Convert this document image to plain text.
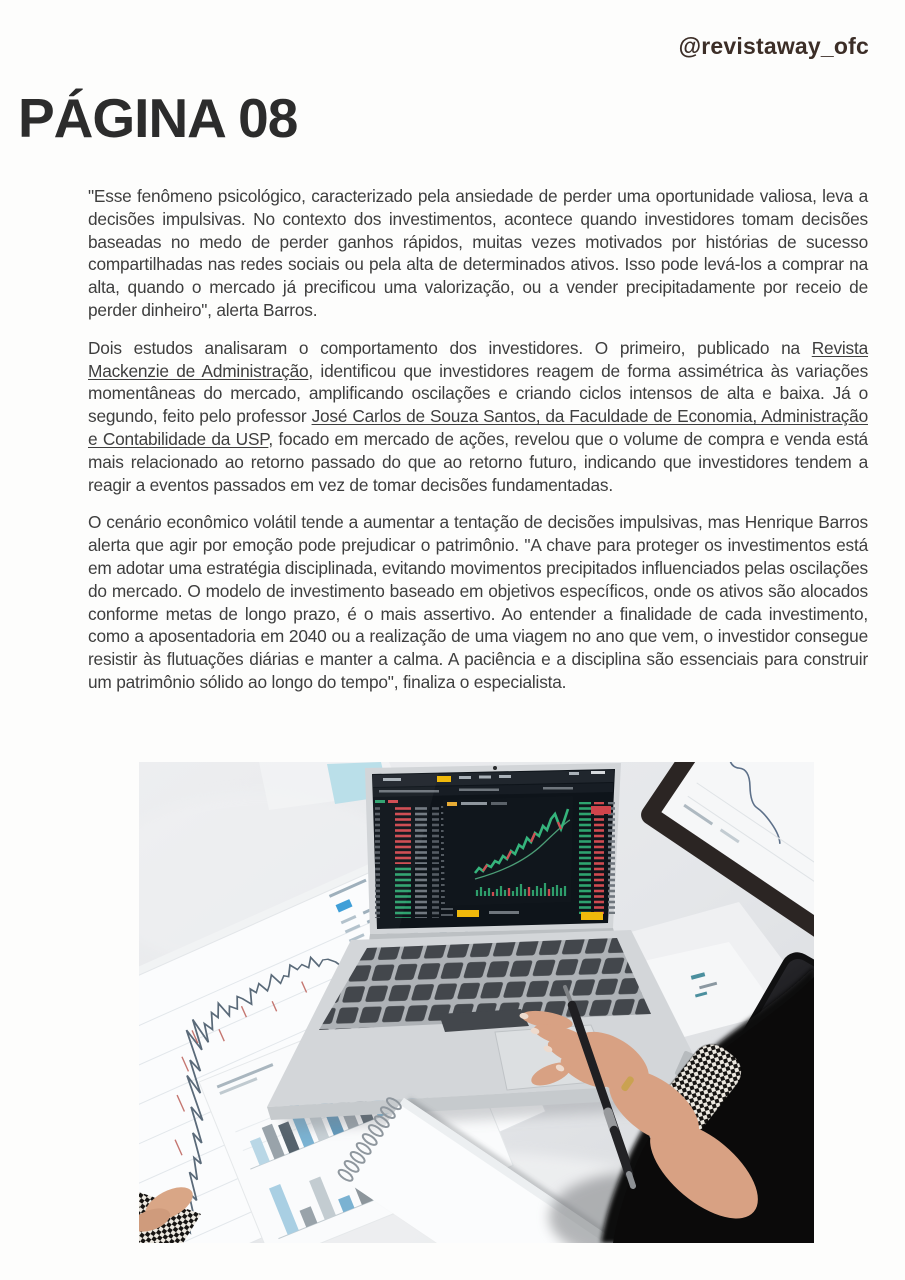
@revistaway_ofc
PÁGINA 08

"Esse fenômeno psicológico, caracterizado pela ansiedade de perder uma oportunidade valiosa, leva a decisões impulsivas. No contexto dos investimentos, acontece quando investidores tomam decisões baseadas no medo de perder ganhos rápidos, muitas vezes motivados por histórias de sucesso compartilhadas nas redes sociais ou pela alta de determinados ativos. Isso pode levá-los a comprar na alta, quando o mercado já precificou uma valorização, ou a vender precipitadamente por receio de perder dinheiro", alerta Barros.

Dois estudos analisaram o comportamento dos investidores. O primeiro, publicado na Revista Mackenzie de Administração, identificou que investidores reagem de forma assimétrica às variações momentâneas do mercado, amplificando oscilações e criando ciclos intensos de alta e baixa. Já o segundo, feito pelo professor José Carlos de Souza Santos, da Faculdade de Economia, Administração e Contabilidade da USP, focado em mercado de ações, revelou que o volume de compra e venda está mais relacionado ao retorno passado do que ao retorno futuro, indicando que investidores tendem a reagir a eventos passados em vez de tomar decisões fundamentadas.

O cenário econômico volátil tende a aumentar a tentação de decisões impulsivas, mas Henrique Barros alerta que agir por emoção pode prejudicar o patrimônio. "A chave para proteger os investimentos está em adotar uma estratégia disciplinada, evitando movimentos precipitados influenciados pelas oscilações do mercado. O modelo de investimento baseado em objetivos específicos, onde os ativos são alocados conforme metas de longo prazo, é o mais assertivo. Ao entender a finalidade de cada investimento, como a aposentadoria em 2040 ou a realização de uma viagem no ano que vem, o investidor consegue resistir às flutuações diárias e manter a calma. A paciência e a disciplina são essenciais para construir um patrimônio sólido ao longo do tempo", finaliza o especialista.
